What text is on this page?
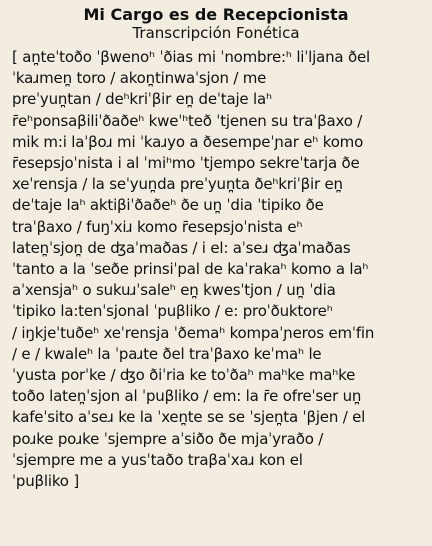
Mi Cargo es de Recepcionista
Transcripción Fonética
[ an̪teˈtoðo ˈβwenoʰ ˈðias mi ˈnombre:ʰ liˈljana ðel
ˈkaɹmen̪ toro / akon̪tinwaˈsjon / me
preˈyun̪tan / deʰkriˈβir en̪ deˈtaje laʰ
r̄eʰponsaβiliˈðaðeʰ kweˈʰteð ˈtjenen su traˈβaxo /
mik m:i laˈβoɹ mi ˈkaɹyo a ðesempeˈɲar eʰ komo
r̄esepsjoˈnista i al ˈmiʰmo ˈtjempo sekreˈtarja ðe
xeˈrensja / la seˈyun̪da preˈyun̪ta ðeʰkriˈβir en̪
deˈtaje laʰ aktiβiˈðaðeʰ ðe un̪ ˈdia ˈtipiko ðe
traˈβaxo / fuŋˈxiɹ komo r̄esepsjoˈnista eʰ
laten̪ˈsjon̪ de ʤaˈmaðas / i el: aˈseɹ ʤaˈmaðas
ˈtanto a la ˈseðe prinsiˈpal de kaˈrakaʰ komo a laʰ
aˈxensjaʰ o sukuɹˈsaleʰ en̪ kwesˈtjon / un̪ ˈdia
ˈtipiko la:tenˈsjonal ˈpuβliko / e: proˈðuktoreʰ
/ iŋkjeˈtuðeʰ xeˈrensja ˈðemaʰ kompaˈɲeros emˈfin
/ e / kwaleʰ la ˈpaɹte ðel traˈβaxo keˈmaʰ le
ˈyusta porˈke / ʤo ðiˈria ke toˈðaʰ maʰke maʰke
toðo laten̪ˈsjon al ˈpuβliko / em: la r̄e ofreˈser un̪
kafeˈsito aˈseɹ ke la ˈxen̪te se se ˈsjen̪ta ˈβjen / el
poɹke poɹke ˈsjempre aˈsiðo ðe mjaˈyraðo /
ˈsjempre me a yusˈtaðo traβaˈxaɹ kon el
ˈpuβliko ]
